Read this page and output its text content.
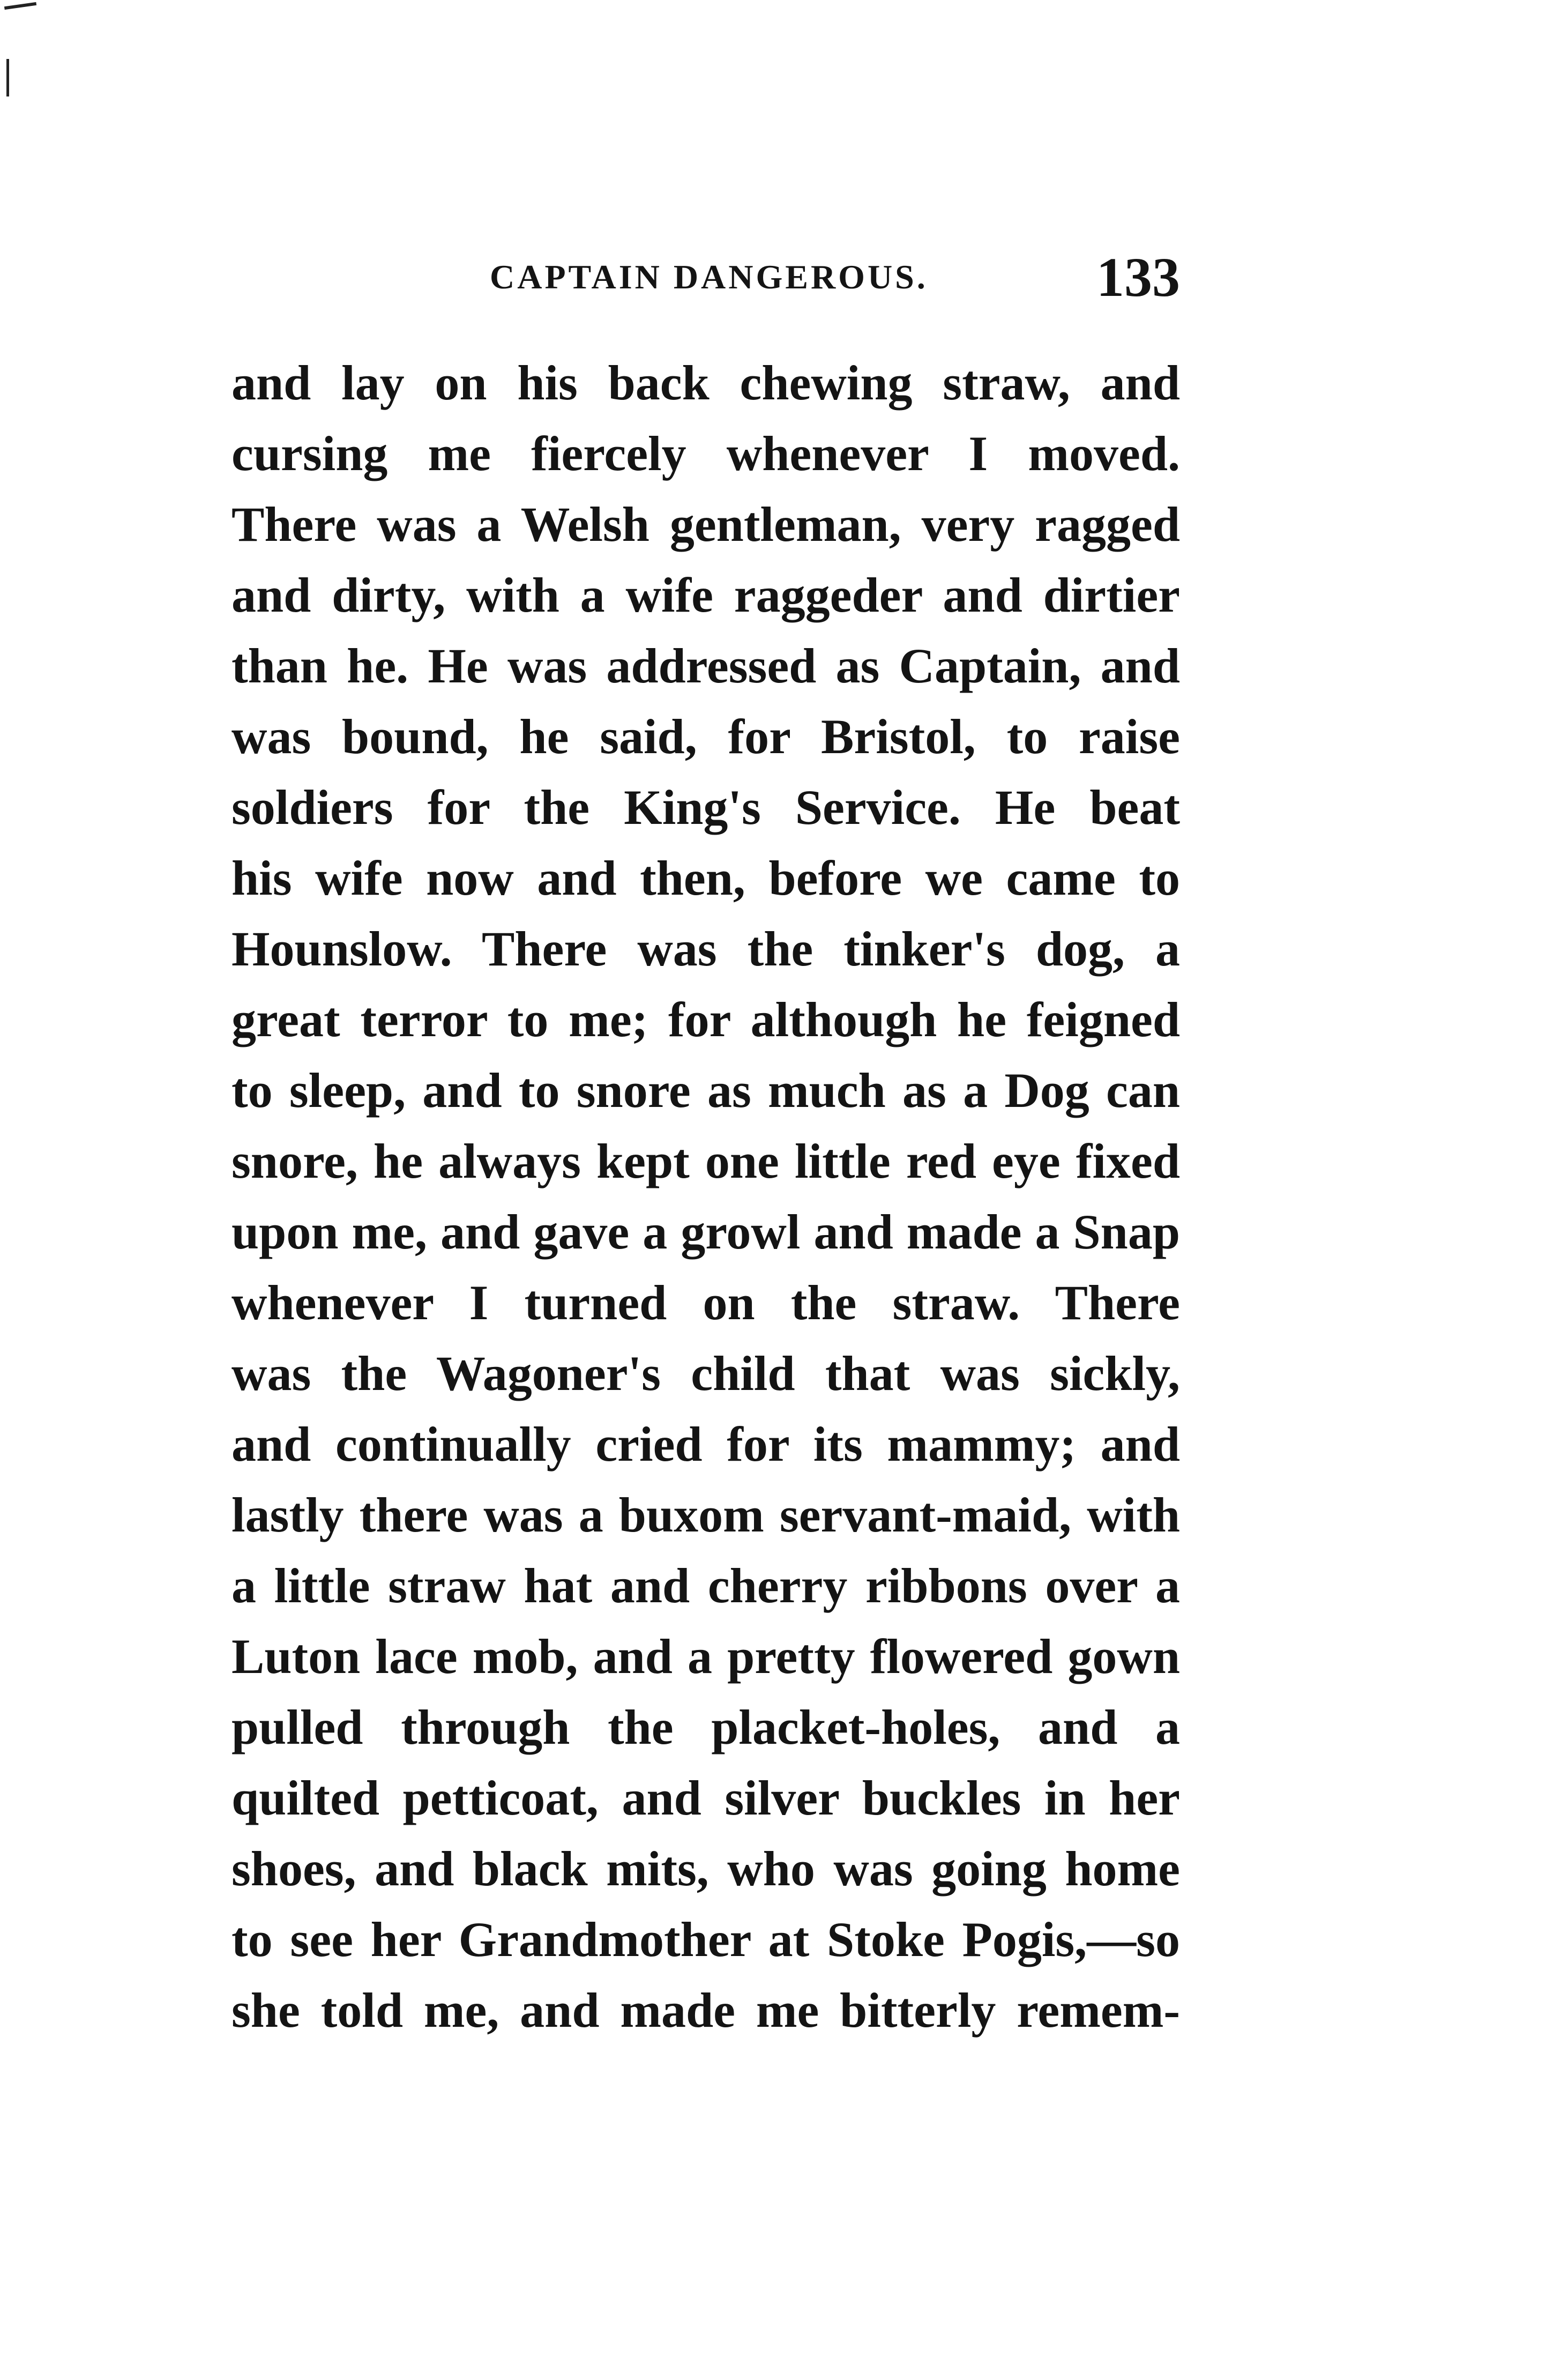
CAPTAIN DANGEROUS.	133
and lay on his back chewing straw, and
cursing me fiercely whenever I moved.
There was a Welsh gentleman, very ragged
and dirty, with a wife raggeder and dirtier
than he. He was addressed as Captain, and
was bound, he said, for Bristol, to raise
soldiers for the King's Service. He beat
his wife now and then, before we came to
Hounslow. There was the tinker's dog, a
great terror to me; for although he feigned
to sleep, and to snore as much as a Dog can
snore, he always kept one little red eye fixed
upon me, and gave a growl and made a Snap
whenever I turned on the straw. There
was the Wagoner's child that was sickly,
and continually cried for its mammy; and
lastly there was a buxom servant-maid, with
a little straw hat and cherry ribbons over a
Luton lace mob, and a pretty flowered gown
pulled through the placket-holes, and a
quilted petticoat, and silver buckles in her
shoes, and black mits, who was going home
to see her Grandmother at Stoke Pogis,—so
she told me, and made me bitterly remem-
